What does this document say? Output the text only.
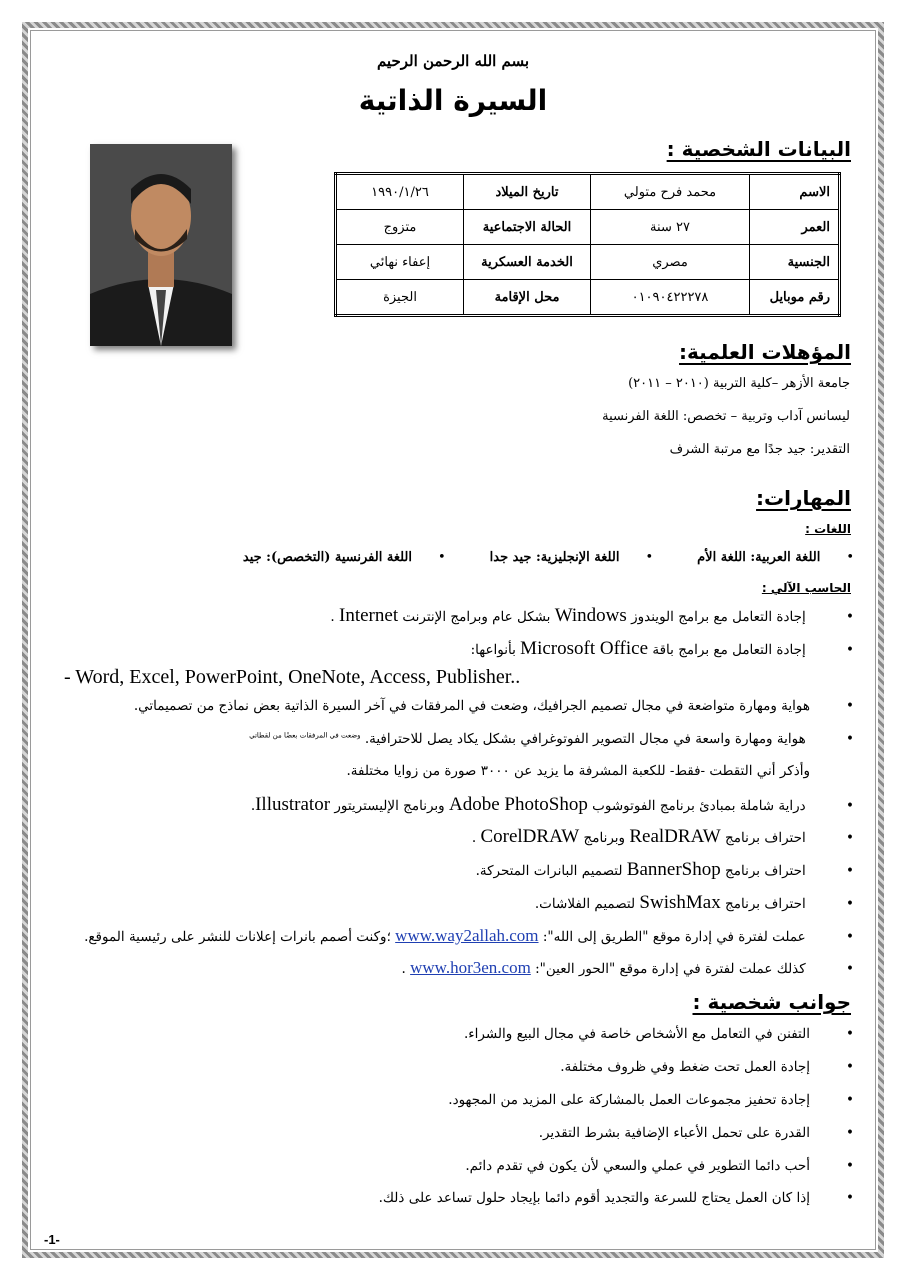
بسم الله الرحمن الرحيم
السيرة الذاتية
البيانات الشخصية :
الاسم	محمد فرح متولي	تاريخ الميلاد	١٩٩٠/١/٢٦
العمر	٢٧ سنة	الحالة الاجتماعية	متزوج
الجنسية	مصري	الخدمة العسكرية	إعفاء نهائي
رقم موبايل	٠١٠٩٠٤٢٢٢٧٨	محل الإقامة	الجيزة
المؤهلات العلمية:
جامعة الأزهر –كلية التربية (٢٠١٠ – ٢٠١١)
ليسانس آداب وتربية – تخصص: اللغة الفرنسية
التقدير: جيد جدًا مع مرتبة الشرف
المهارات:
اللغات :
• اللغة العربية: اللغة الأم
• اللغة الإنجليزية: جيد جدا
• اللغة الفرنسية (التخصص): جيد
الحاسب الآلي :
• إجادة التعامل مع برامج الويندوز Windows بشكل عام وبرامج الإنترنت Internet .
• إجادة التعامل مع برامج باقة Microsoft Office بأنواعها:
- Word, Excel, PowerPoint, OneNote, Access, Publisher..
• هواية ومهارة متواضعة في مجال تصميم الجرافيك، وضعت في المرفقات في آخر السيرة الذاتية بعض نماذج من تصميماتي.
• هواية ومهارة واسعة في مجال التصوير الفوتوغرافي بشكل يكاد يصل للاحترافية. $^{وضعت في المرفقات بعضًا من لقطاتي}$
وأذكر أني التقطت -فقط- للكعبة المشرفة ما يزيد عن ٣٠٠٠ صورة من زوايا مختلفة.
• دراية شاملة بمبادئ برنامج الفوتوشوب Adobe PhotoShop وبرنامج الإليستريتور Illustrator.
• احتراف برنامج RealDRAW وبرنامج CorelDRAW .
• احتراف برنامج BannerShop لتصميم البانرات المتحركة.
• احتراف برنامج SwishMax لتصميم الفلاشات.
• عملت لفترة في إدارة موقع "الطريق إلى الله": www.way2allah.com ؛وكنت أصمم بانرات إعلانات للنشر على رئيسية الموقع.
• كذلك عملت لفترة في إدارة موقع "الحور العين": www.hor3en.com .
جوانب شخصية :
• التفنن في التعامل مع الأشخاص خاصة في مجال البيع والشراء.
• إجادة العمل تحت ضغط وفي ظروف مختلفة.
• إجادة تحفيز مجموعات العمل بالمشاركة على المزيد من المجهود.
• القدرة على تحمل الأعباء الإضافية بشرط التقدير.
• أحب دائما التطوير في عملي والسعي لأن يكون في تقدم دائم.
• إذا كان العمل يحتاج للسرعة والتجديد أقوم دائما بإيجاد حلول تساعد على ذلك.
-1-
